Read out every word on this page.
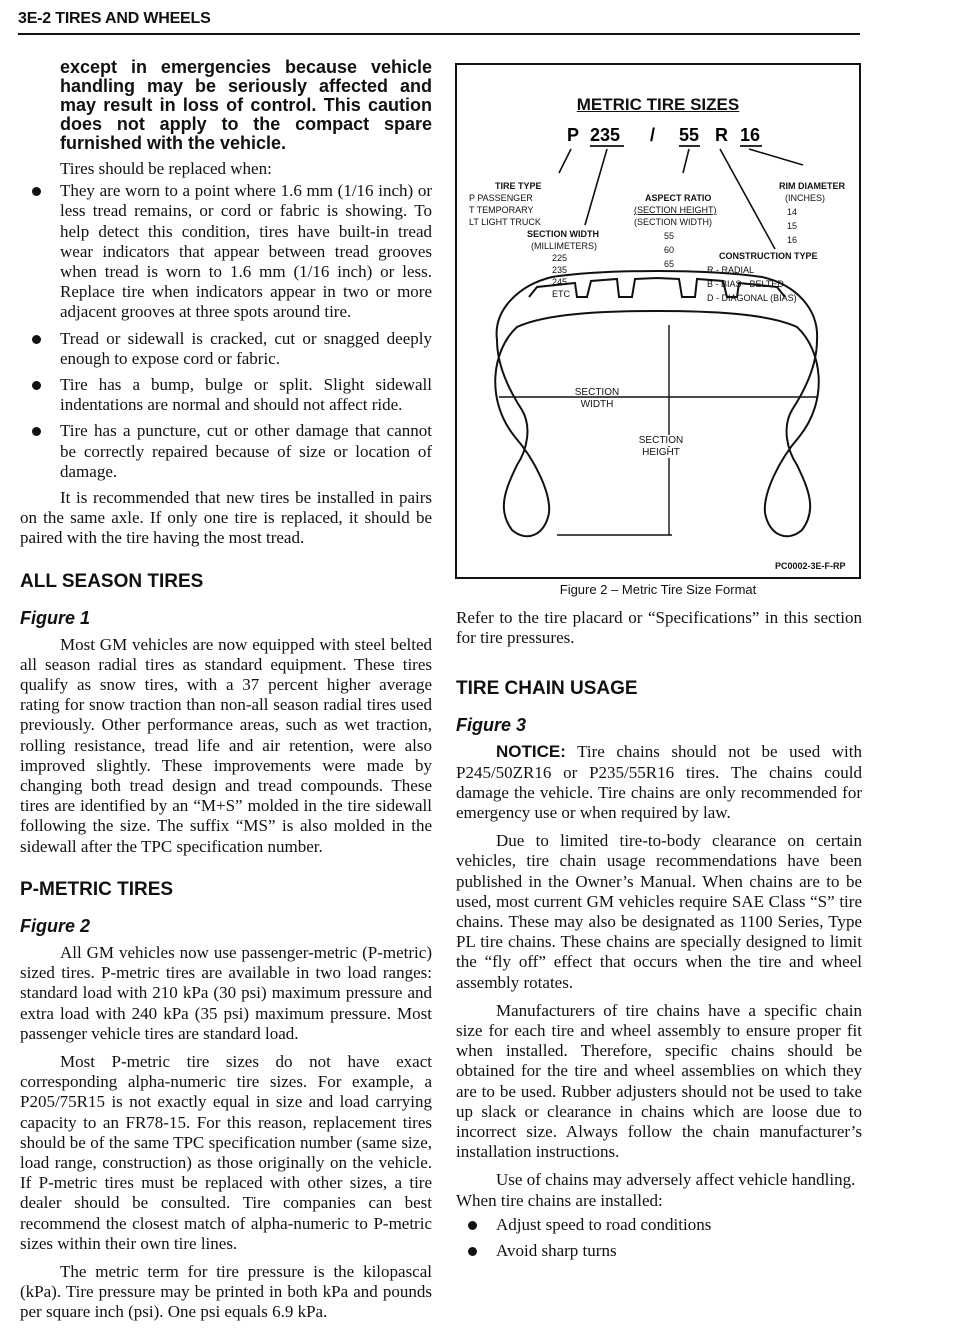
3E-2 TIRES AND WHEELS

except in emergencies because vehicle handling may be seriously affected and may result in loss of control. This caution does not apply to the compact spare furnished with the vehicle.

Tires should be replaced when:

They are worn to a point where 1.6 mm (1/16 inch) or less tread remains, or cord or fabric is showing. To help detect this condition, tires have built-in tread wear indicators that appear between tread grooves when tread is worn to 1.6 mm (1/16 inch) or less. Replace tire when indicators appear in two or more adjacent grooves at three spots around tire.
Tread or sidewall is cracked, cut or snagged deeply enough to expose cord or fabric.
Tire has a bump, bulge or split. Slight sidewall indentations are normal and should not affect ride.
Tire has a puncture, cut or other damage that cannot be correctly repaired because of size or location of damage.

It is recommended that new tires be installed in pairs on the same axle. If only one tire is replaced, it should be paired with the tire having the most tread.

ALL SEASON TIRES
Figure 1

Most GM vehicles are now equipped with steel belted all season radial tires as standard equipment. These tires qualify as snow tires, with a 37 percent higher average rating for snow traction than non-all season radial tires used previously. Other performance areas, such as wet traction, rolling resistance, tread life and air retention, were also improved slightly. These improvements were made by changing both tread design and tread compounds. These tires are identified by an “M+S” molded in the tire sidewall following the size. The suffix “MS” is also molded in the sidewall after the TPC specification number.

P-METRIC TIRES
Figure 2

All GM vehicles now use passenger-metric (P-metric) sized tires. P-metric tires are available in two load ranges: standard load with 210 kPa (30 psi) maximum pressure and extra load with 240 kPa (35 psi) maximum pressure. Most passenger vehicle tires are standard load.

Most P-metric tire sizes do not have exact corresponding alpha-numeric tire sizes. For example, a P205/75R15 is not exactly equal in size and load carrying capacity to an FR78-15. For this reason, replacement tires should be of the same TPC specification number (same size, load range, construction) as those originally on the vehicle. If P-metric tires must be replaced with other sizes, a tire dealer should be consulted. Tire companies can best recommend the closest match of alpha-numeric to P-metric sizes within their own tire lines.

The metric term for tire pressure is the kilopascal (kPa). Tire pressure may be printed in both kPa and pounds per square inch (psi). One psi equals 6.9 kPa.

METRIC TIRE SIZES
P 235 / 55 R 16
TIRE TYPE
P PASSENGER
T TEMPORARY
LT LIGHT TRUCK
SECTION WIDTH
(MILLIMETERS)
225
235
245
ETC
ASPECT RATIO
(SECTION HEIGHT)
(SECTION WIDTH)
55
60
65
RIM DIAMETER
(INCHES)
14
15
16
CONSTRUCTION TYPE
R - RADIAL
B - BIAS - BELTED
D - DIAGONAL (BIAS)
SECTION
WIDTH
SECTION
HEIGHT
PC0002-3E-F-RP
Figure 2 – Metric Tire Size Format

Refer to the tire placard or “Specifications” in this section for tire pressures.

TIRE CHAIN USAGE
Figure 3

NOTICE: Tire chains should not be used with P245/50ZR16 or P235/55R16 tires. The chains could damage the vehicle. Tire chains are only recommended for emergency use or when required by law.

Due to limited tire-to-body clearance on certain vehicles, tire chain usage recommendations have been published in the Owner’s Manual. When chains are to be used, most current GM vehicles require SAE Class “S” tire chains. These may also be designated as 1100 Series, Type PL tire chains. These chains are specially designed to limit the “fly off” effect that occurs when the tire and wheel assembly rotates.

Manufacturers of tire chains have a specific chain size for each tire and wheel assembly to ensure proper fit when installed. Therefore, specific chains should be obtained for the tire and wheel assemblies on which they are to be used. Rubber adjusters should not be used to take up slack or clearance in chains which are loose due to incorrect size. Always follow the chain manufacturer’s installation instructions.

Use of chains may adversely affect vehicle handling.

When tire chains are installed:

Adjust speed to road conditions
Avoid sharp turns
